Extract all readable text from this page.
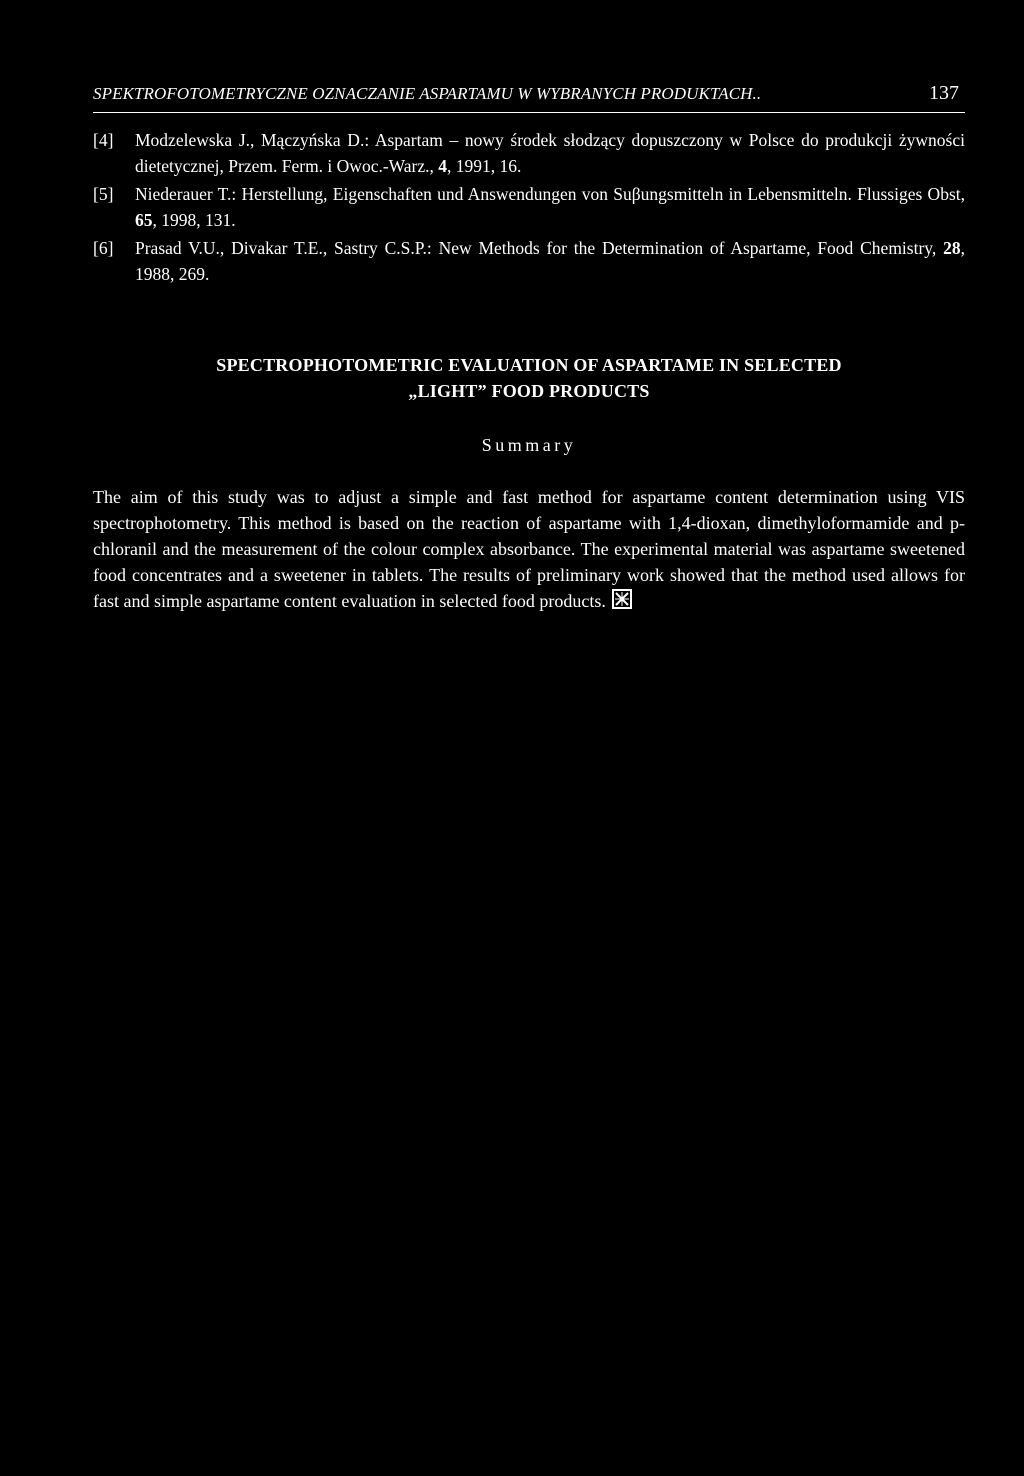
SPEKTROFOTOMETRYCZNE OZNACZANIE ASPARTAMU W WYBRANYCH PRODUKTACH..	137
[4] Modzelewska J., Mączyńska D.: Aspartam – nowy środek słodzący dopuszczony w Polsce do produkcji żywności dietetycznej, Przem. Ferm. i Owoc.-Warz., 4, 1991, 16.
[5] Niederauer T.: Herstellung, Eigenschaften und Answendungen von Suβungsmitteln in Lebensmitteln. Flussiges Obst, 65, 1998, 131.
[6] Prasad V.U., Divakar T.E., Sastry C.S.P.: New Methods for the Determination of Aspartame, Food Chemistry, 28, 1988, 269.
SPECTROPHOTOMETRIC EVALUATION OF ASPARTAME IN SELECTED
„LIGHT” FOOD PRODUCTS
Summary
The aim of this study was to adjust a simple and fast method for aspartame content determination using VIS spectrophotometry. This method is based on the reaction of aspartame with 1,4-dioxan, dimethyloformamide and p-chloranil and the measurement of the colour complex absorbance. The experimental material was aspartame sweetened food concentrates and a sweetener in tablets. The results of preliminary work showed that the method used allows for fast and simple aspartame content evaluation in selected food products.
